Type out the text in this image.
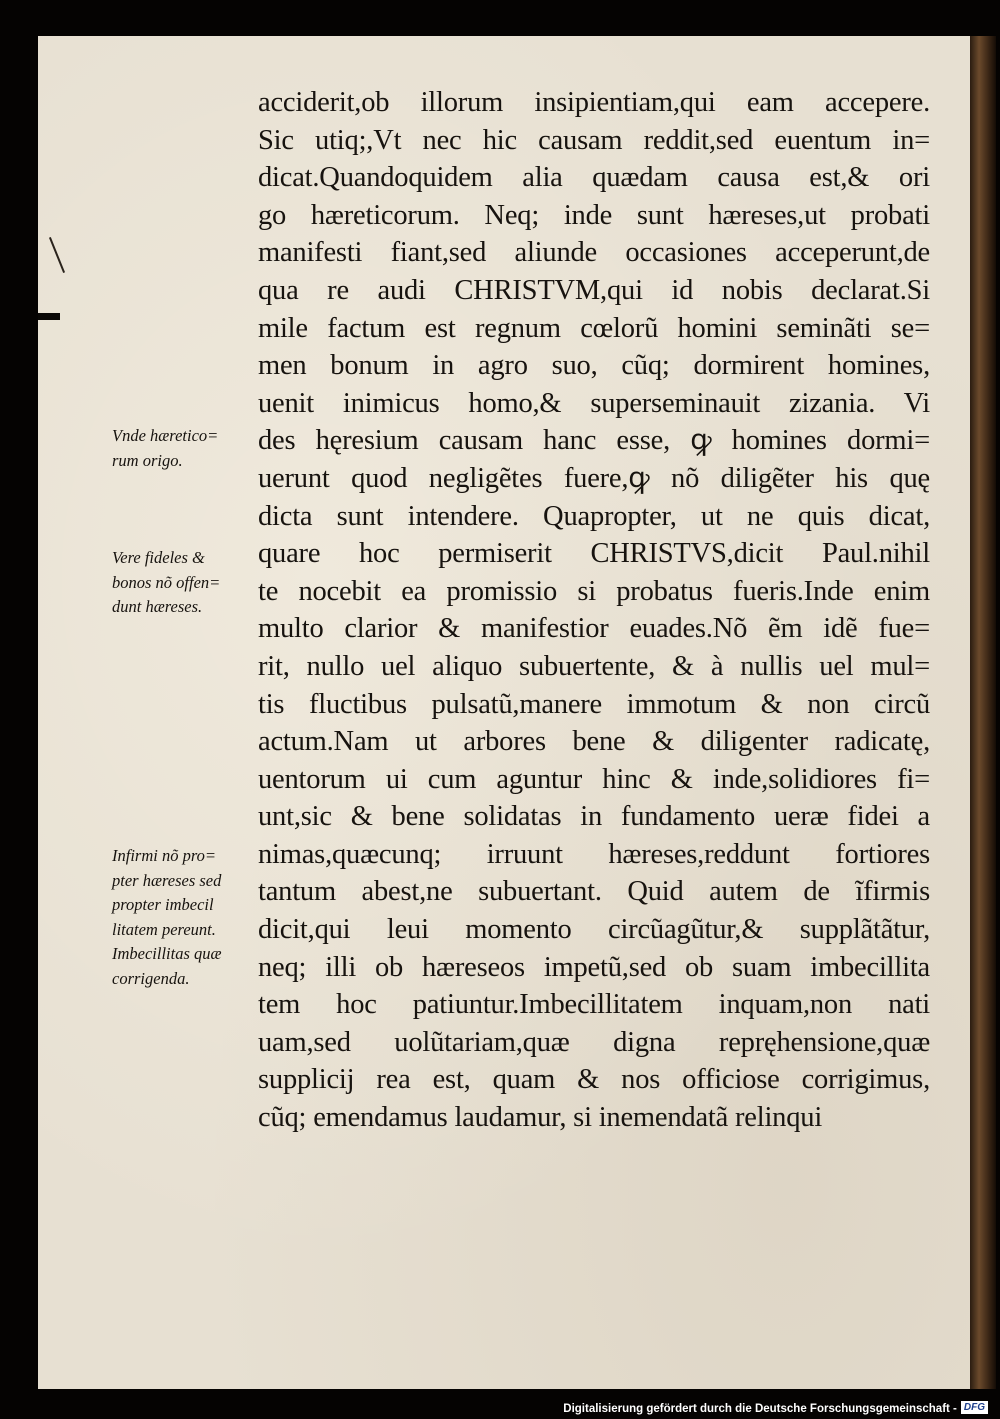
acciderit,ob illorum insipientiam,qui eam accepere.
Sic utiq;,Vt nec hic causam reddit,sed euentum in=
dicat.Quandoquidem alia quædam causa est,& ori
go hæreticorum. Neq; inde sunt hæreses,ut probati
manifesti fiant,sed aliunde occasiones acceperunt,de
qua re audi CHRISTVM,qui id nobis declarat.Si
mile factum est regnum cœlorũ homini seminãti se=
men bonum in agro suo, cũq; dormirent homines,
uenit inimicus homo,& superseminauit zizania. Vi
des hęresium causam hanc esse, ꝙ homines dormi=
uerunt quod negligẽtes fuere,ꝙ nõ diligẽter his quę
dicta sunt intendere. Quapropter, ut ne quis dicat,
quare hoc permiserit CHRISTVS,dicit Paul.nihil
te nocebit ea promissio si probatus fueris.Inde enim
multo clarior & manifestior euades.Nõ ẽm idẽ fue=
rit, nullo uel aliquo subuertente, & à nullis uel mul=
tis fluctibus pulsatũ,manere immotum & non circũ
actum.Nam ut arbores bene & diligenter radicatę,
uentorum ui cum aguntur hinc & inde,solidiores fi=
unt,sic & bene solidatas in fundamento ueræ fidei a
nimas,quæcunq; irruunt hæreses,reddunt fortiores
tantum abest,ne subuertant. Quid autem de ĩfirmis
dicit,qui leui momento circũagũtur,& supplãtãtur,
neq; illi ob hæreseos impetũ,sed ob suam imbecillita
tem hoc patiuntur.Imbecillitatem inquam,non nati
uam,sed uolũtariam,quæ digna repręhensione,quæ
supplicij rea est, quam & nos officiose corrigimus,
cũq; emendamus laudamur, si inemendatã relinqui
Vnde hæretico=
rum origo.
Vere fideles &
bonos nõ offen=
dunt hæreses.
Infirmi nõ pro=
pter hæreses sed
propter imbecil
litatem pereunt.
Imbecillitas quæ
corrigenda.
Digitalisierung gefördert durch die Deutsche Forschungsgemeinschaft - DFG
